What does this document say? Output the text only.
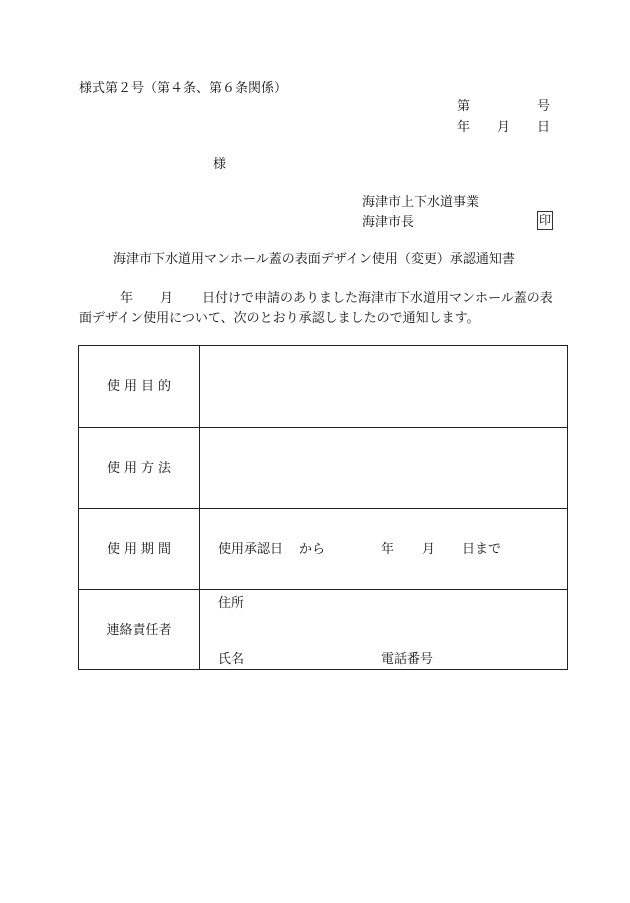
様式第２号（第４条、第６条関係）
第	号
年 月 日
様
海津市上下水道事業
海津市長	印
海津市下水道用マンホール蓋の表面デザイン使用（変更）承認通知書
年 月 日付けで申請のありました海津市下水道用マンホール蓋の表
面デザイン使用について、次のとおり承認しましたので通知します。
使用目的
使用方法
使用期間	使用承認日 から	年 月 日まで
連絡責任者
住所
氏名	電話番号
